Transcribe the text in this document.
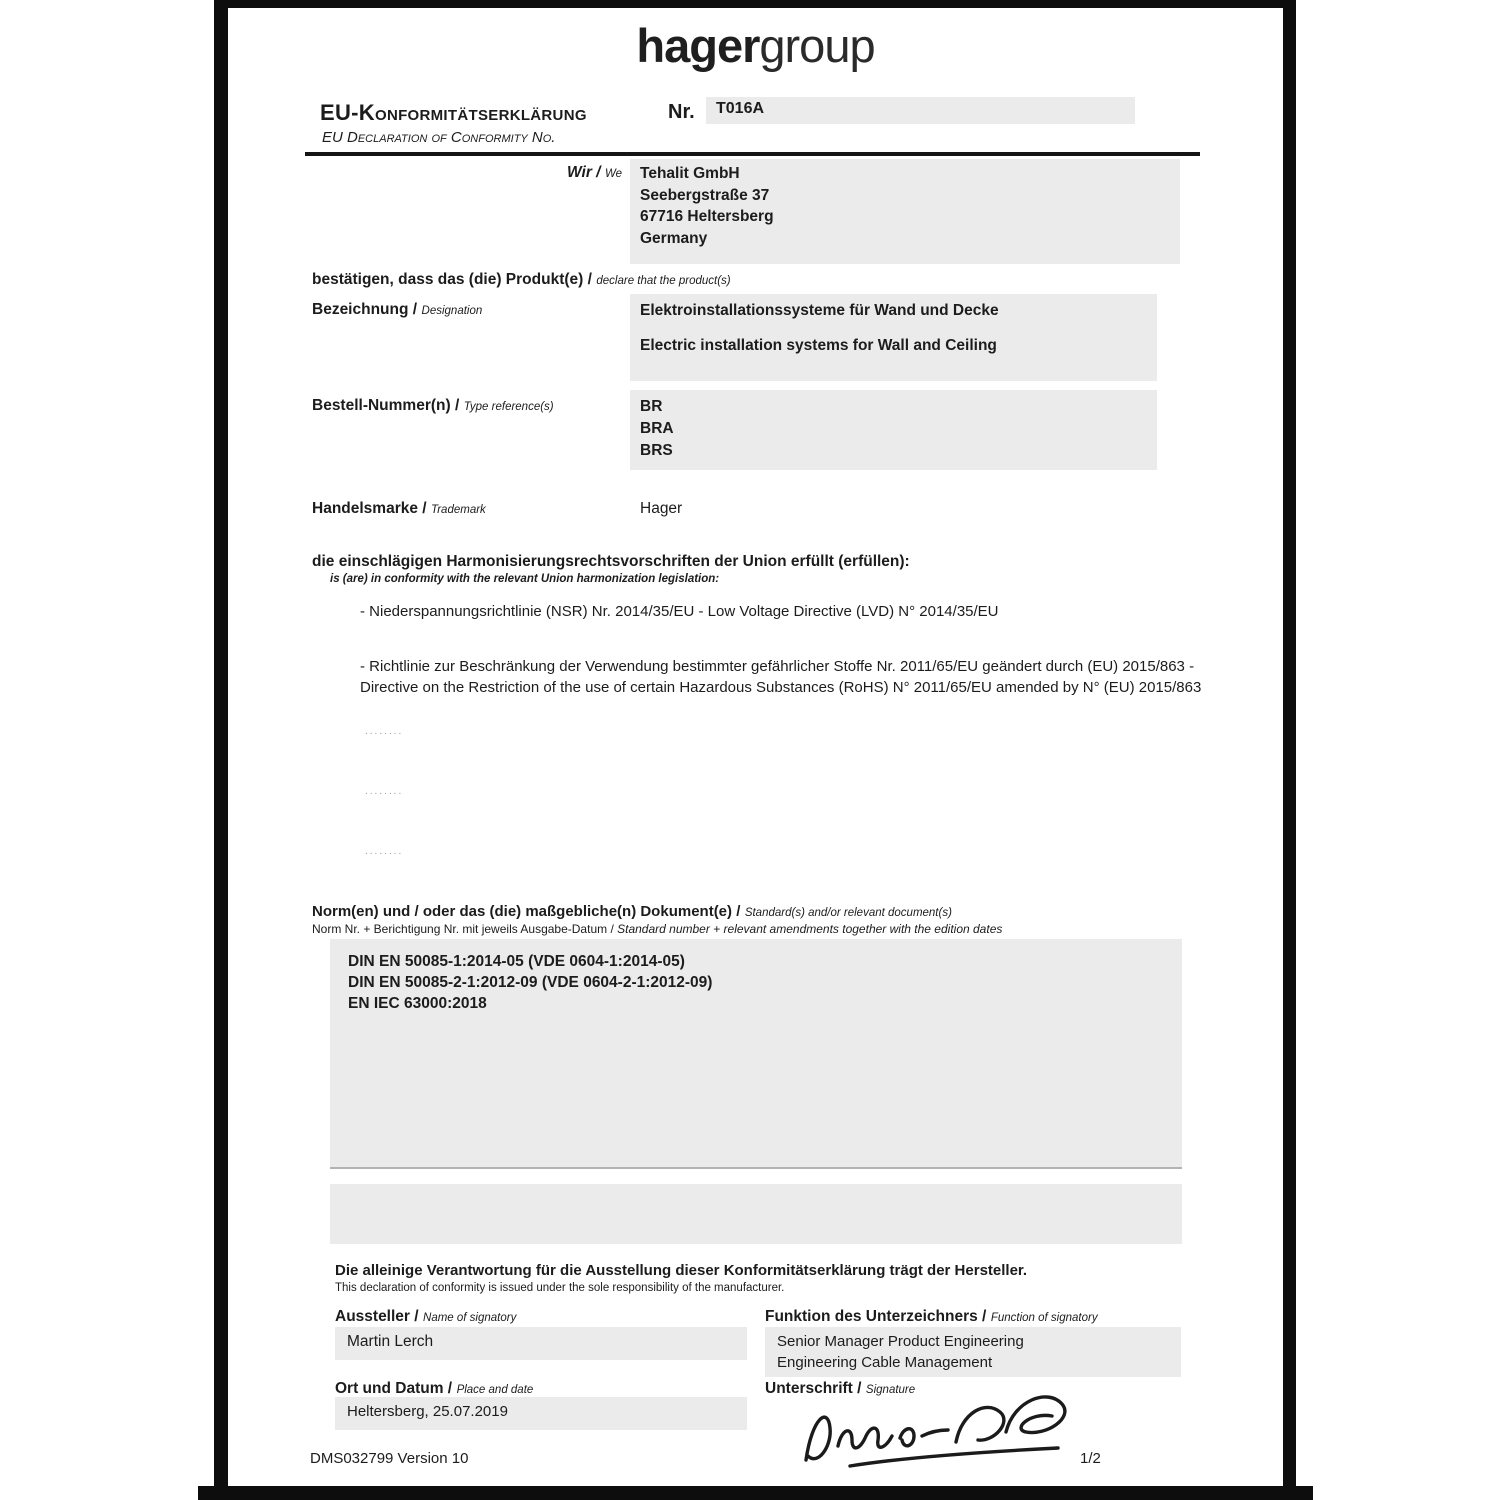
hagergroup
EU-Konformitätserklärung	Nr.	T016A
EU Declaration of Conformity No.
Wir / We Tehalit GmbH
Seebergstraße 37
67716 Heltersberg
Germany
bestätigen, dass das (die) Produkt(e) / declare that the product(s)
Bezeichnung / Designation	Elektroinstallationssysteme für Wand und Decke
Electric installation systems for Wall and Ceiling
Bestell-Nummer(n) / Type reference(s)	BR
BRA
BRS
Handelsmarke / Trademark	Hager
die einschlägigen Harmonisierungsrechtsvorschriften der Union erfüllt (erfüllen):
is (are) in conformity with the relevant Union harmonization legislation:
- Niederspannungsrichtlinie (NSR) Nr. 2014/35/EU - Low Voltage Directive (LVD) N° 2014/35/EU
- Richtlinie zur Beschränkung der Verwendung bestimmter gefährlicher Stoffe Nr. 2011/65/EU geändert durch (EU) 2015/863 - Directive on the Restriction of the use of certain Hazardous Substances (RoHS) N° 2011/65/EU amended by N° (EU) 2015/863
........
........
........
Norm(en) und / oder das (die) maßgebliche(n) Dokument(e) / Standard(s) and/or relevant document(s)
Norm Nr. + Berichtigung Nr. mit jeweils Ausgabe-Datum / Standard number + relevant amendments together with the edition dates
DIN EN 50085-1:2014-05 (VDE 0604-1:2014-05)
DIN EN 50085-2-1:2012-09 (VDE 0604-2-1:2012-09)
EN IEC 63000:2018
Die alleinige Verantwortung für die Ausstellung dieser Konformitätserklärung trägt der Hersteller.
This declaration of conformity is issued under the sole responsibility of the manufacturer.
Aussteller / Name of signatory
Martin Lerch
Funktion des Unterzeichners / Function of signatory
Senior Manager Product Engineering
Engineering Cable Management
Ort und Datum / Place and date
Heltersberg, 25.07.2019
Unterschrift / Signature
DMS032799 Version 10	1/2
